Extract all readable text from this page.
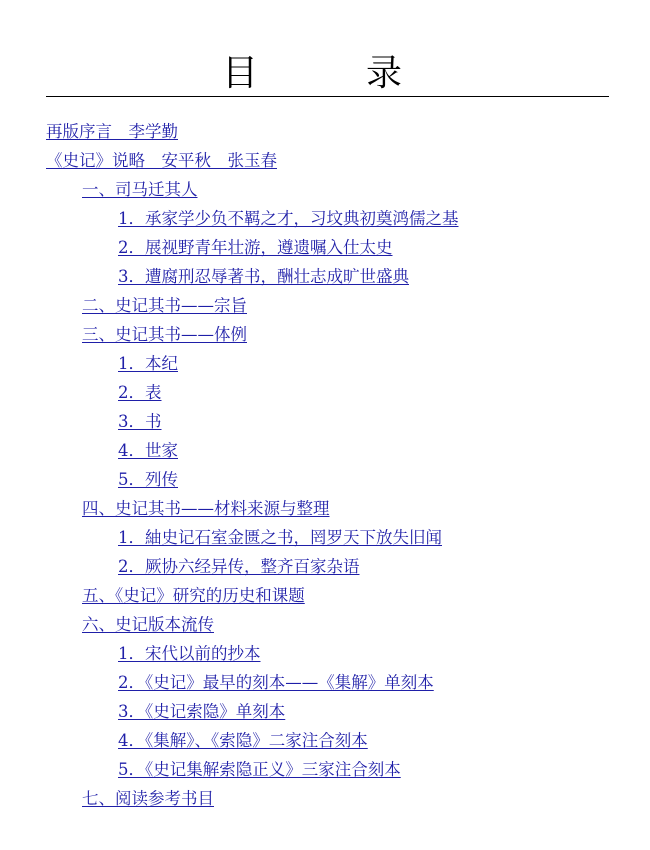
目	录
再版序言　李学勤
《史记》说略　安平秋　张玉春
一、司马迁其人
1．承家学少负不羁之才，习坟典初奠鸿儒之基
2．展视野青年壮游，遵遗嘱入仕太史
3．遭腐刑忍辱著书，酬壮志成旷世盛典
二、史记其书——宗旨
三、史记其书——体例
1．本纪
2．表
3．书
4．世家
5．列传
四、史记其书——材料来源与整理
1．紬史记石室金匮之书，罔罗天下放失旧闻
2．厥协六经异传，整齐百家杂语
五、《史记》研究的历史和课题
六、史记版本流传
1．宋代以前的抄本
2．《史记》最早的刻本——《集解》单刻本
3．《史记索隐》单刻本
4．《集解》、《索隐》二家注合刻本
5．《史记集解索隐正义》三家注合刻本
七、阅读参考书目
